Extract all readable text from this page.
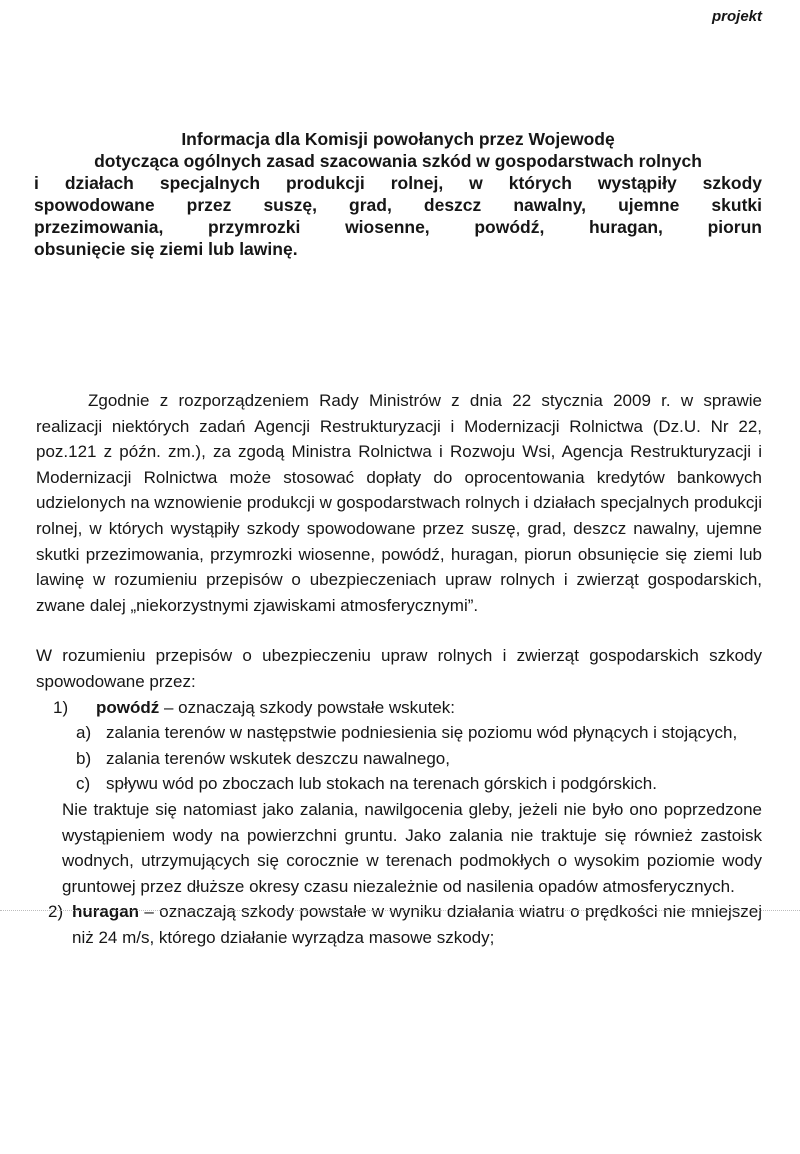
projekt
Informacja dla Komisji powołanych przez Wojewodę
dotycząca ogólnych zasad szacowania szkód w gospodarstwach rolnych
i działach specjalnych produkcji rolnej, w których wystąpiły szkody
spowodowane przez suszę, grad, deszcz nawalny, ujemne skutki
przezimowania, przymrozki wiosenne, powódź, huragan, piorun
obsunięcie się ziemi lub lawinę.

Zgodnie z rozporządzeniem Rady Ministrów z dnia 22 stycznia 2009 r. w sprawie realizacji niektórych zadań Agencji Restrukturyzacji i Modernizacji Rolnictwa (Dz.U. Nr 22, poz.121 z późn. zm.), za zgodą Ministra Rolnictwa i Rozwoju Wsi, Agencja Restrukturyzacji i Modernizacji Rolnictwa może stosować dopłaty do oprocentowania kredytów bankowych udzielonych na wznowienie produkcji w gospodarstwach rolnych i działach specjalnych produkcji rolnej, w których wystąpiły szkody spowodowane przez suszę, grad, deszcz nawalny, ujemne skutki przezimowania, przymrozki wiosenne, powódź, huragan, piorun obsunięcie się ziemi lub lawinę w rozumieniu przepisów o ubezpieczeniach upraw rolnych i zwierząt gospodarskich, zwane dalej „niekorzystnymi zjawiskami atmosferycznymi”.

W rozumieniu przepisów o ubezpieczeniu upraw rolnych i zwierząt gospodarskich szkody spowodowane przez:

1) powódź – oznaczają szkody powstałe wskutek:
a) zalania terenów w następstwie podniesienia się poziomu wód płynących i stojących,
b) zalania terenów wskutek deszczu nawalnego,
c) spływu wód po zboczach lub stokach na terenach górskich i podgórskich.

Nie traktuje się natomiast jako zalania, nawilgocenia gleby, jeżeli nie było ono poprzedzone wystąpieniem wody na powierzchni gruntu. Jako zalania nie traktuje się również zastoisk wodnych, utrzymujących się corocznie w terenach podmokłych o wysokim poziomie wody gruntowej przez dłuższe okresy czasu niezależnie od nasilenia opadów atmosferycznych.

2) huragan – oznaczają szkody powstałe w wyniku działania wiatru o prędkości nie mniejszej niż 24 m/s, którego działanie wyrządza masowe szkody;
